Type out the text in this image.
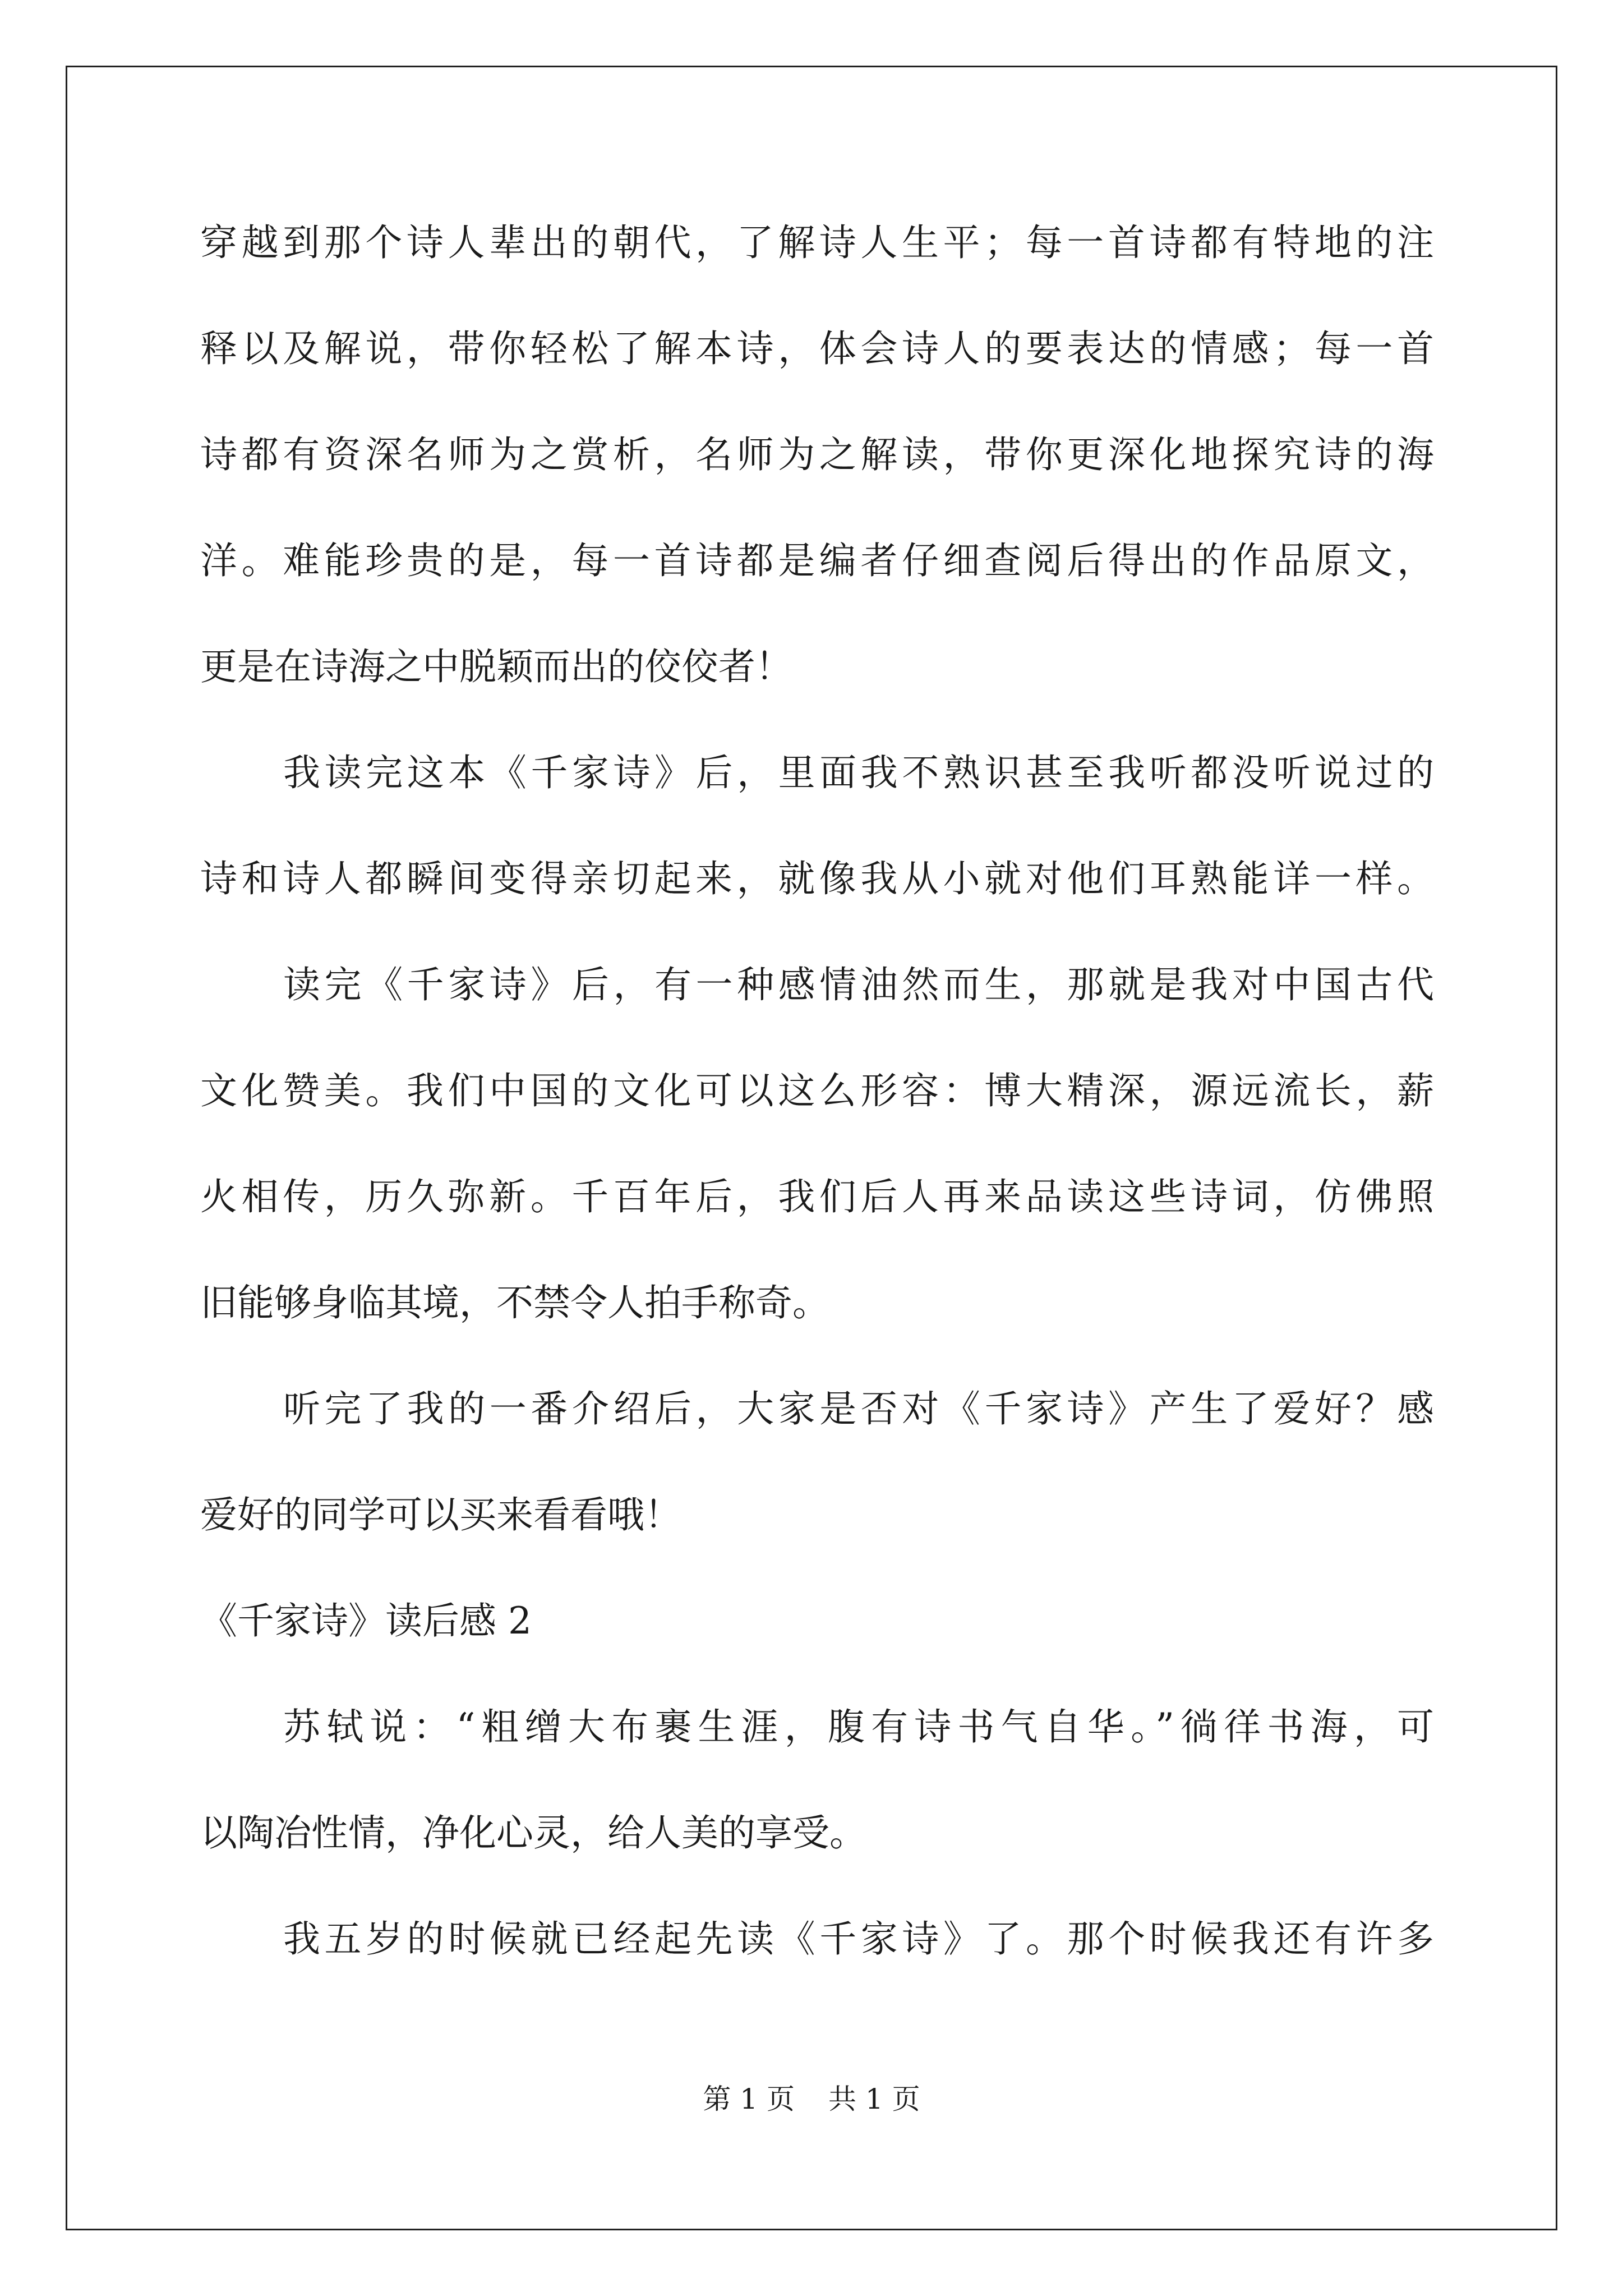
穿越到那个诗人辈出的朝代，了解诗人生平；每一首诗都有特地的注
释以及解说，带你轻松了解本诗，体会诗人的要表达的情感；每一首
诗都有资深名师为之赏析，名师为之解读，带你更深化地探究诗的海
洋。难能珍贵的是，每一首诗都是编者仔细查阅后得出的作品原文，
更是在诗海之中脱颖而出的佼佼者！
我读完这本《千家诗》后，里面我不熟识甚至我听都没听说过的
诗和诗人都瞬间变得亲切起来，就像我从小就对他们耳熟能详一样。
读完《千家诗》后，有一种感情油然而生，那就是我对中国古代
文化赞美。我们中国的文化可以这么形容：博大精深，源远流长，薪
火相传，历久弥新。千百年后，我们后人再来品读这些诗词，仿佛照
旧能够身临其境，不禁令人拍手称奇。
听完了我的一番介绍后，大家是否对《千家诗》产生了爱好？感
爱好的同学可以买来看看哦！
《千家诗》读后感 2
苏轼说：“粗缯大布裹生涯，腹有诗书气自华。”徜徉书海，可
以陶冶性情，净化心灵，给人美的享受。
我五岁的时候就已经起先读《千家诗》了。那个时候我还有许多
第 1 页 共 1 页
